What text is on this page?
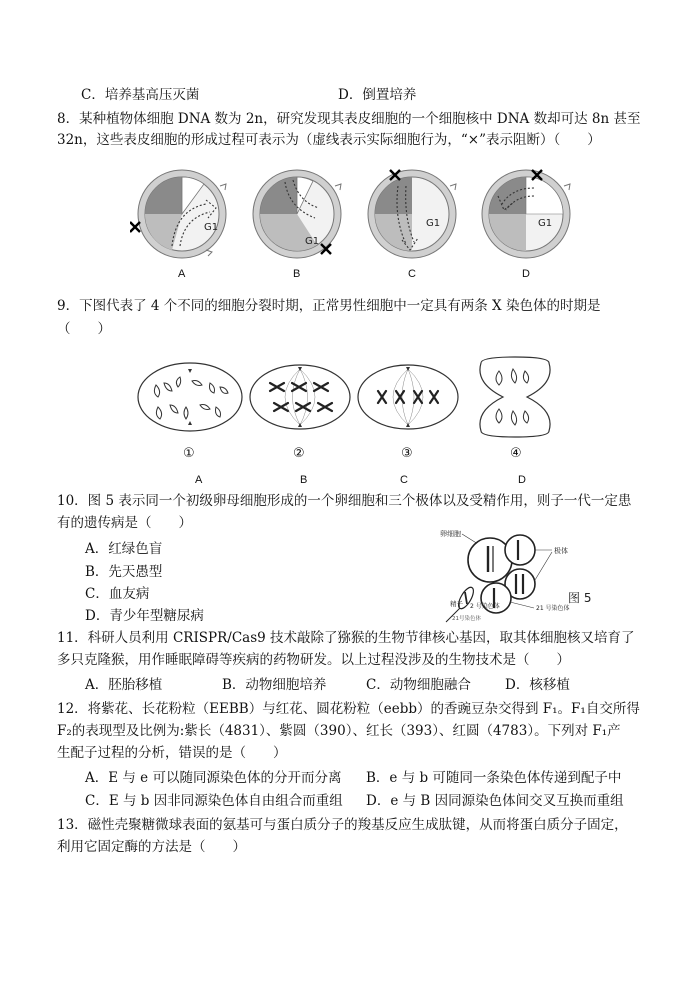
C．培养基高压灭菌	D．倒置培养
8．某种植物体细胞 DNA 数为 2n，研究发现其表皮细胞的一个细胞核中 DNA 数却可达 8n 甚至
32n，这些表皮细胞的形成过程可表示为（虚线表示实际细胞行为，“×”表示阻断）（　　）
G1
G1
G1	G1
A	B	C	D
9．下图代表了 4 个不同的细胞分裂时期，正常男性细胞中一定具有两条 X 染色体的时期是
（　　）
①	②	③	④
A	B	C	D
10．图 5 表示同一个初级卵母细胞形成的一个卵细胞和三个极体以及受精作用，则子一代一定患
有的遗传病是（　　）
A．红绿色盲
B．先天愚型
C．血友病
D．青少年型糖尿病
卵细胞
极体
21 号染色体
精子 2 号染色体
21号染色体
图 5
11．科研人员利用 CRISPR/Cas9 技术敲除了猕猴的生物节律核心基因，取其体细胞核又培育了
多只克隆猴，用作睡眠障碍等疾病的药物研发。以上过程没涉及的生物技术是（　　）
A．胚胎移植	B．动物细胞培养	C．动物细胞融合	D．核移植
12．将紫花、长花粉粒（EEBB）与红花、圆花粉粒（eebb）的香豌豆杂交得到 F₁。F₁自交所得
F₂的表现型及比例为:紫长（4831）、紫圆（390）、红长（393）、红圆（4783）。下列对 F₁产
生配子过程的分析，错误的是（　　）
A．E 与 e 可以随同源染色体的分开而分离 B．e 与 b 可随同一条染色体传递到配子中
C．E 与 b 因非同源染色体自由组合而重组 D．e 与 B 因同源染色体间交叉互换而重组
13．磁性壳聚糖微球表面的氨基可与蛋白质分子的羧基反应生成肽键，从而将蛋白质分子固定，
利用它固定酶的方法是（　　）
